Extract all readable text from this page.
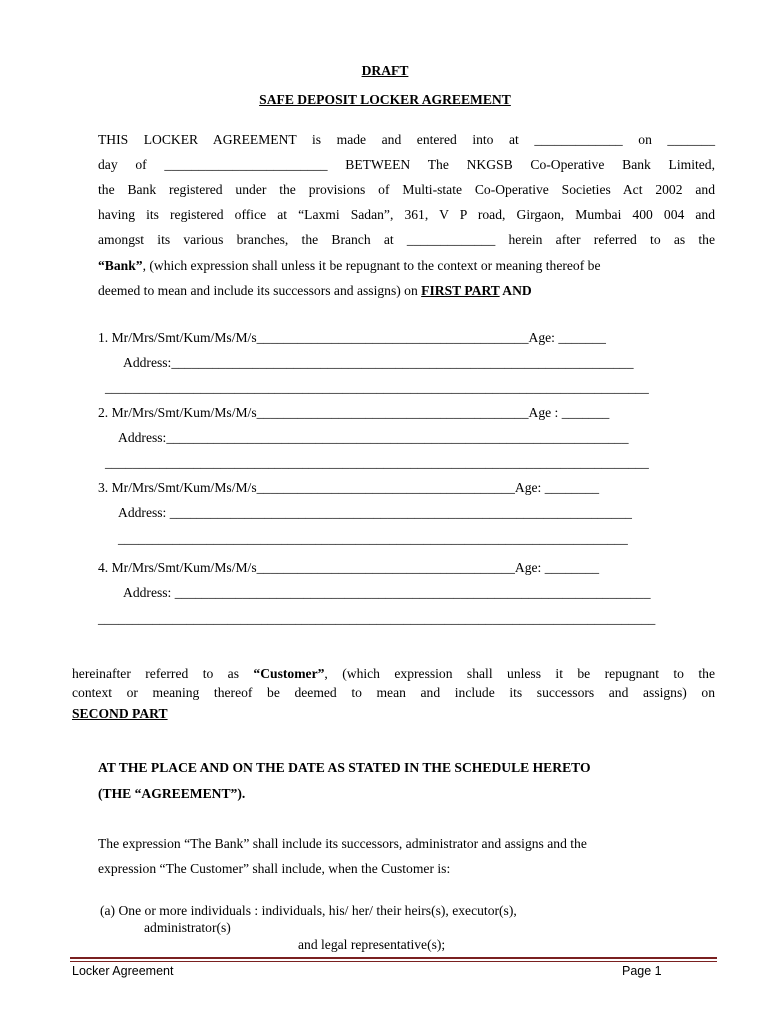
DRAFT
SAFE DEPOSIT LOCKER AGREEMENT
THIS LOCKER AGREEMENT is made and entered into at _____________ on _______
day of ________________________ BETWEEN The NKGSB Co-Operative Bank Limited,
the Bank registered under the provisions of Multi-state Co-Operative Societies Act 2002 and
having its registered office at “Laxmi Sadan”, 361, V P road, Girgaon, Mumbai 400 004 and
amongst its various branches, the Branch at _____________ herein after referred to as the
“Bank”, (which expression shall unless it be repugnant to the context or meaning thereof be
deemed to mean and include its successors and assigns) on FIRST PART AND
1. Mr/Mrs/Smt/Kum/Ms/M/s________________________________________Age: _______
Address:____________________________________________________________________
________________________________________________________________________________
2. Mr/Mrs/Smt/Kum/Ms/M/s________________________________________Age : _______
Address:____________________________________________________________________
________________________________________________________________________________
3. Mr/Mrs/Smt/Kum/Ms/M/s______________________________________Age: ________
Address: ____________________________________________________________________
___________________________________________________________________________
4. Mr/Mrs/Smt/Kum/Ms/M/s______________________________________Age: ________
Address: ______________________________________________________________________
__________________________________________________________________________________
hereinafter referred to as “Customer”, (which expression shall unless it be repugnant to the
context or meaning thereof be deemed to mean and include its successors and assigns) on
SECOND PART
AT THE PLACE AND ON THE DATE AS STATED IN THE SCHEDULE HERETO
(THE “AGREEMENT”).
The expression “The Bank” shall include its successors, administrator and assigns and the
expression “The Customer” shall include, when the Customer is:
(a) One or more individuals : individuals, his/ her/ their heirs(s), executor(s),
administrator(s)
and legal representative(s);
Locker Agreement	Page 1
